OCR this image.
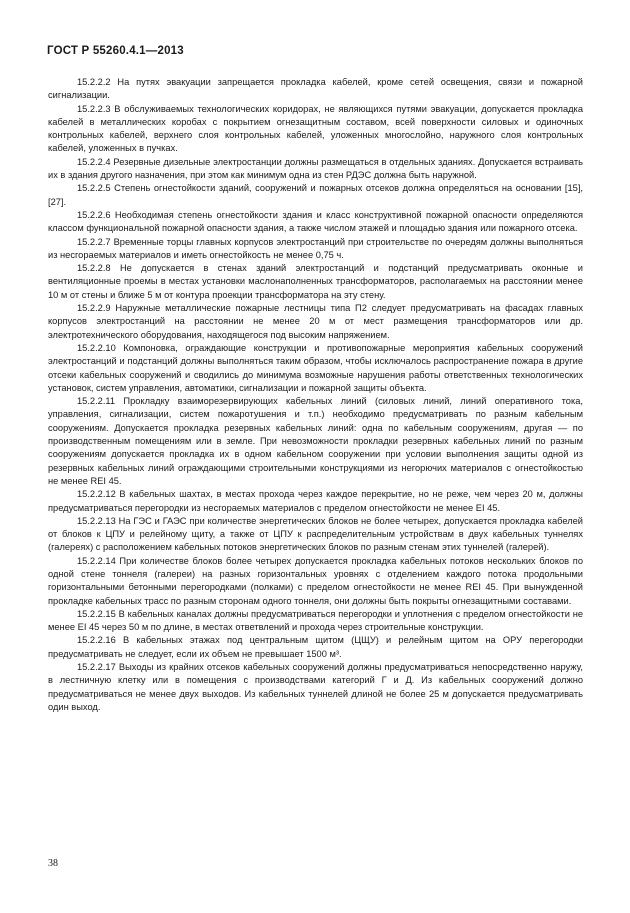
ГОСТ Р 55260.4.1—2013

15.2.2.2 На путях эвакуации запрещается прокладка кабелей, кроме сетей освещения, связи и пожарной сигнализации.

15.2.2.3 В обслуживаемых технологических коридорах, не являющихся путями эвакуации, допускается прокладка кабелей в металлических коробах с покрытием огнезащитным составом, всей поверхности силовых и одиночных контрольных кабелей, верхнего слоя контрольных кабелей, уложенных многослойно, наружного слоя контрольных кабелей, уложенных в пучках.

15.2.2.4 Резервные дизельные электростанции должны размещаться в отдельных зданиях. Допускается встраивать их в здания другого назначения, при этом как минимум одна из стен РДЭС должна быть наружной.

15.2.2.5 Степень огнестойкости зданий, сооружений и пожарных отсеков должна определяться на основании [15], [27].

15.2.2.6 Необходимая степень огнестойкости здания и класс конструктивной пожарной опасности определяются классом функциональной пожарной опасности здания, а также числом этажей и площадью здания или пожарного отсека.

15.2.2.7 Временные торцы главных корпусов электростанций при строительстве по очередям должны выполняться из несгораемых материалов и иметь огнестойкость не менее 0,75 ч.

15.2.2.8 Не допускается в стенах зданий электростанций и подстанций предусматривать оконные и вентиляционные проемы в местах установки маслонаполненных трансформаторов, располагаемых на расстоянии менее 10 м от стены и ближе 5 м от контура проекции трансформатора на эту стену.

15.2.2.9 Наружные металлические пожарные лестницы типа П2 следует предусматривать на фасадах главных корпусов электростанций на расстоянии не менее 20 м от мест размещения трансформаторов или др. электротехнического оборудования, находящегося под высоким напряжением.

15.2.2.10 Компоновка, ограждающие конструкции и противопожарные мероприятия кабельных сооружений электростанций и подстанций должны выполняться таким образом, чтобы исключалось распространение пожара в другие отсеки кабельных сооружений и сводились до минимума возможные нарушения работы ответственных технологических установок, систем управления, автоматики, сигнализации и пожарной защиты объекта.

15.2.2.11 Прокладку взаиморезервирующих кабельных линий (силовых линий, линий оперативного тока, управления, сигнализации, систем пожаротушения и т.п.) необходимо предусматривать по разным кабельным сооружениям. Допускается прокладка резервных кабельных линий: одна по кабельным сооружениям, другая — по производственным помещениям или в земле. При невозможности прокладки резервных кабельных линий по разным сооружениям допускается прокладка их в одном кабельном сооружении при условии выполнения защиты одной из резервных кабельных линий ограждающими строительными конструкциями из негорючих материалов с огнестойкостью не менее REI 45.

15.2.2.12 В кабельных шахтах, в местах прохода через каждое перекрытие, но не реже, чем через 20 м, должны предусматриваться перегородки из несгораемых материалов с пределом огнестойкости не менее EI 45.

15.2.2.13 На ГЭС и ГАЭС при количестве энергетических блоков не более четырех, допускается прокладка кабелей от блоков к ЦПУ и релейному щиту, а также от ЦПУ к распределительным устройствам в двух кабельных туннелях (галереях) с расположением кабельных потоков энергетических блоков по разным стенам этих туннелей (галерей).

15.2.2.14 При количестве блоков более четырех допускается прокладка кабельных потоков нескольких блоков по одной стене тоннеля (галереи) на разных горизонтальных уровнях с отделением каждого потока продольными горизонтальными бетонными перегородками (полками) с пределом огнестойкости не менее REI 45. При вынужденной прокладке кабельных трасс по разным сторонам одного тоннеля, они должны быть покрыты огнезащитными составами.

15.2.2.15 В кабельных каналах должны предусматриваться перегородки и уплотнения с пределом огнестойкости не менее EI 45 через 50 м по длине, в местах ответвлений и прохода через строительные конструкции.

15.2.2.16 В кабельных этажах под центральным щитом (ЦЩУ) и релейным щитом на ОРУ перегородки предусматривать не следует, если их объем не превышает 1500 м³.

15.2.2.17 Выходы из крайних отсеков кабельных сооружений должны предусматриваться непосредственно наружу, в лестничную клетку или в помещения с производствами категорий Г и Д. Из кабельных сооружений должно предусматриваться не менее двух выходов. Из кабельных туннелей длиной не более 25 м допускается предусматривать один выход.

38
